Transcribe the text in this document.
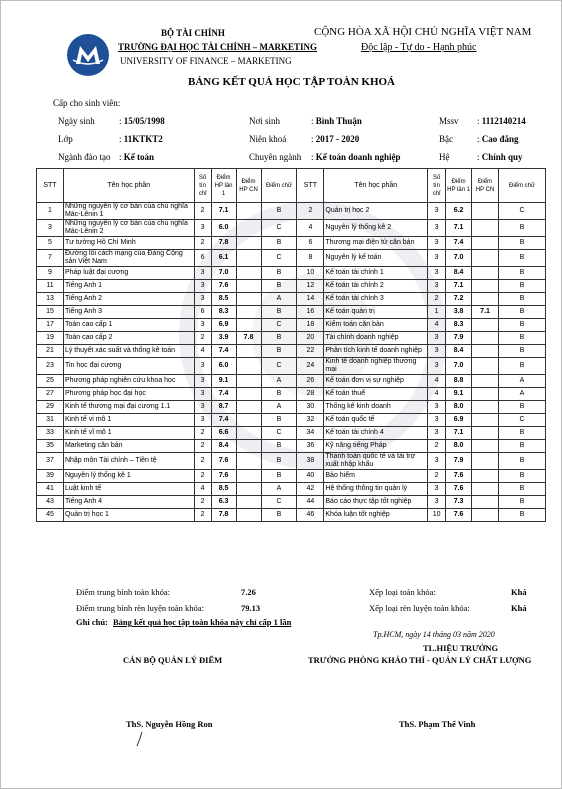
BỘ TÀI CHÍNH
TRƯỜNG ĐẠI HỌC TÀI CHÍNH – MARKETING
UNIVERSITY OF FINANCE – MARKETING
CỘNG HÒA XÃ HỘI CHỦ NGHĨA VIỆT NAM
Độc lập - Tự do - Hạnh phúc
BẢNG KẾT QUẢ HỌC TẬP TOÀN KHOÁ
Cấp cho sinh viên:
Ngày sinh	: 15/05/1998	Nơi sinh	: Bình Thuận	Mssv : 1112140214
Lớp	: 11KTKT2	Niên khoá	: 2017 - 2020	Bậc	: Cao đẳng
Ngành đào tạo : Kế toán	Chuyên ngành : Kế toán doanh nghiệp	Hệ	: Chính quy
STT	Tên học phần	Số tín chỉ	Điểm HP lần 1	Điểm HP CN	Điểm chữ	STT	Tên học phần	Số tín chỉ	Điểm HP lần 1	Điểm HP CN	Điểm chữ
1	Những nguyên lý cơ bản của chủ nghĩa Mác-Lênin 1	2	7.1		B	2	Quản trị học 2	3	6.2		C
3	Những nguyên lý cơ bản của chủ nghĩa Mác-Lênin 2	3	6.0		C	4	Nguyên lý thống kê 2	3	7.1		B
5	Tư tưởng Hồ Chí Minh	2	7.8		B	6	Thương mại điện tử căn bản	3	7.4		B
7	Đường lối cách mạng của Đảng Cộng sản Việt Nam	6	6.1		C	8	Nguyên lý kế toán	3	7.0		B
9	Pháp luật đại cương	3	7.0		B	10	Kế toán tài chính 1	3	8.4		B
11	Tiếng Anh 1	3	7.6		B	12	Kế toán tài chính 2	3	7.1		B
13	Tiếng Anh 2	3	8.5		A	14	Kế toán tài chính 3	2	7.2		B
15	Tiếng Anh 3	6	8.3		B	16	Kế toán quản trị	1	3.8	7.1	B
17	Toán cao cấp 1	3	6.9		C	18	Kiểm toán căn bản	4	8.3		B
19	Toán cao cấp 2	2	3.9	7.8	B	20	Tài chính doanh nghiệp	3	7.9		B
21	Lý thuyết xác suất và thống kê toán	4	7.4		B	22	Phân tích kinh tế doanh nghiệp	3	8.4		B
23	Tin học đại cương	3	6.0		C	24	Kinh tế doanh nghiệp thương mại	3	7.0		B
25	Phương pháp nghiên cứu khoa học	3	9.1		A	26	Kế toán đơn vị sự nghiệp	4	8.8		A
27	Phương pháp học đại học	3	7.4		B	28	Kế toán thuế	4	9.1		A
29	Kinh tế thương mại đại cương 1.1	3	8.7		A	30	Thống kê kinh doanh	3	8.0		B
31	Kinh tế vi mô 1	3	7.4		B	32	Kế toán quốc tế	3	6.9		C
33	Kinh tế vĩ mô 1	2	6.6		C	34	Kế toán tài chính 4	3	7.1		B
35	Marketing căn bản	2	8.4		B	36	Kỹ năng tiếng Pháp	2	8.0		B
37	Nhập môn Tài chính – Tiền tệ	2	7.6		B	38	Thanh toán quốc tế và tài trợ xuất nhập khẩu	3	7.9		B
39	Nguyên lý thống kê 1	2	7.6		B	40	Bảo hiểm	2	7.6		B
41	Luật kinh tế	4	8.5		A	42	Hệ thống thông tin quản lý	3	7.6		B
43	Tiếng Anh 4	2	6.3		C	44	Báo cáo thực tập tốt nghiệp	3	7.3		B
45	Quản trị học 1	2	7.8		B	46	Khóa luận tốt nghiệp	10	7.6		B
Điểm trung bình toàn khóa:	7.26
Điểm trung bình rèn luyện toàn khóa:	79.13
Xếp loại toàn khóa:	Khá
Xếp loại rèn luyện toàn khóa:	Khá
Ghi chú: Bảng kết quả học tập toàn khóa này chỉ cấp 1 lần
Tp.HCM, ngày 14 tháng 03 năm 2020
TL.HIỆU TRƯỞNG
CÁN BỘ QUẢN LÝ ĐIỂM	TRƯỞNG PHÒNG KHẢO THÍ - QUẢN LÝ CHẤT LƯỢNG
ThS. Nguyễn Hồng Ron	ThS. Phạm Thế Vinh
